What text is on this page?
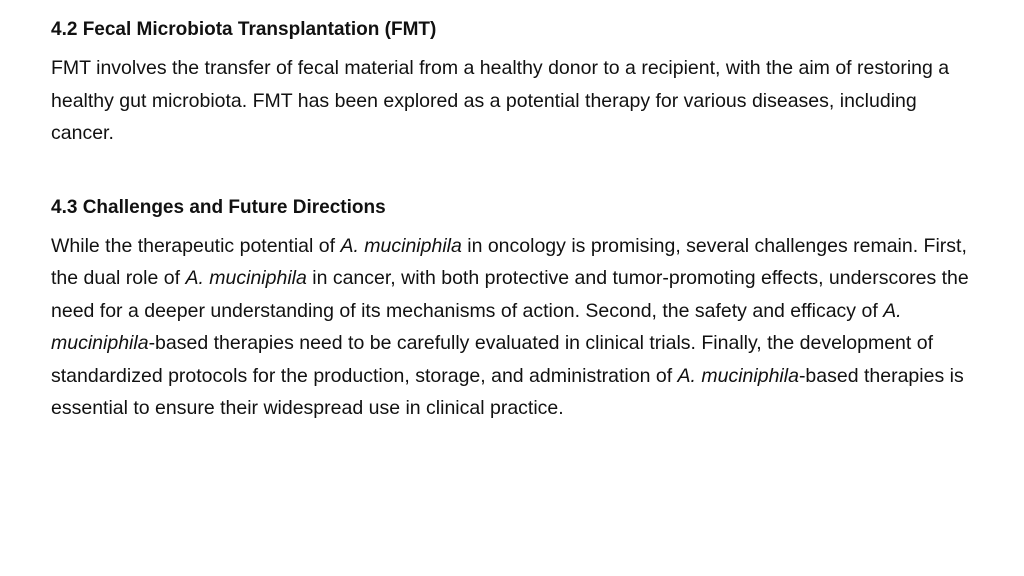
4.2 Fecal Microbiota Transplantation (FMT)

FMT involves the transfer of fecal material from a healthy donor to a recipient, with the aim of restoring a healthy gut microbiota. FMT has been explored as a potential therapy for various diseases, including cancer.

4.3 Challenges and Future Directions

While the therapeutic potential of A. muciniphila in oncology is promising, several challenges remain. First, the dual role of A. muciniphila in cancer, with both protective and tumor-promoting effects, underscores the need for a deeper understanding of its mechanisms of action. Second, the safety and efficacy of A. muciniphila-based therapies need to be carefully evaluated in clinical trials. Finally, the development of standardized protocols for the production, storage, and administration of A. muciniphila-based therapies is essential to ensure their widespread use in clinical practice.
